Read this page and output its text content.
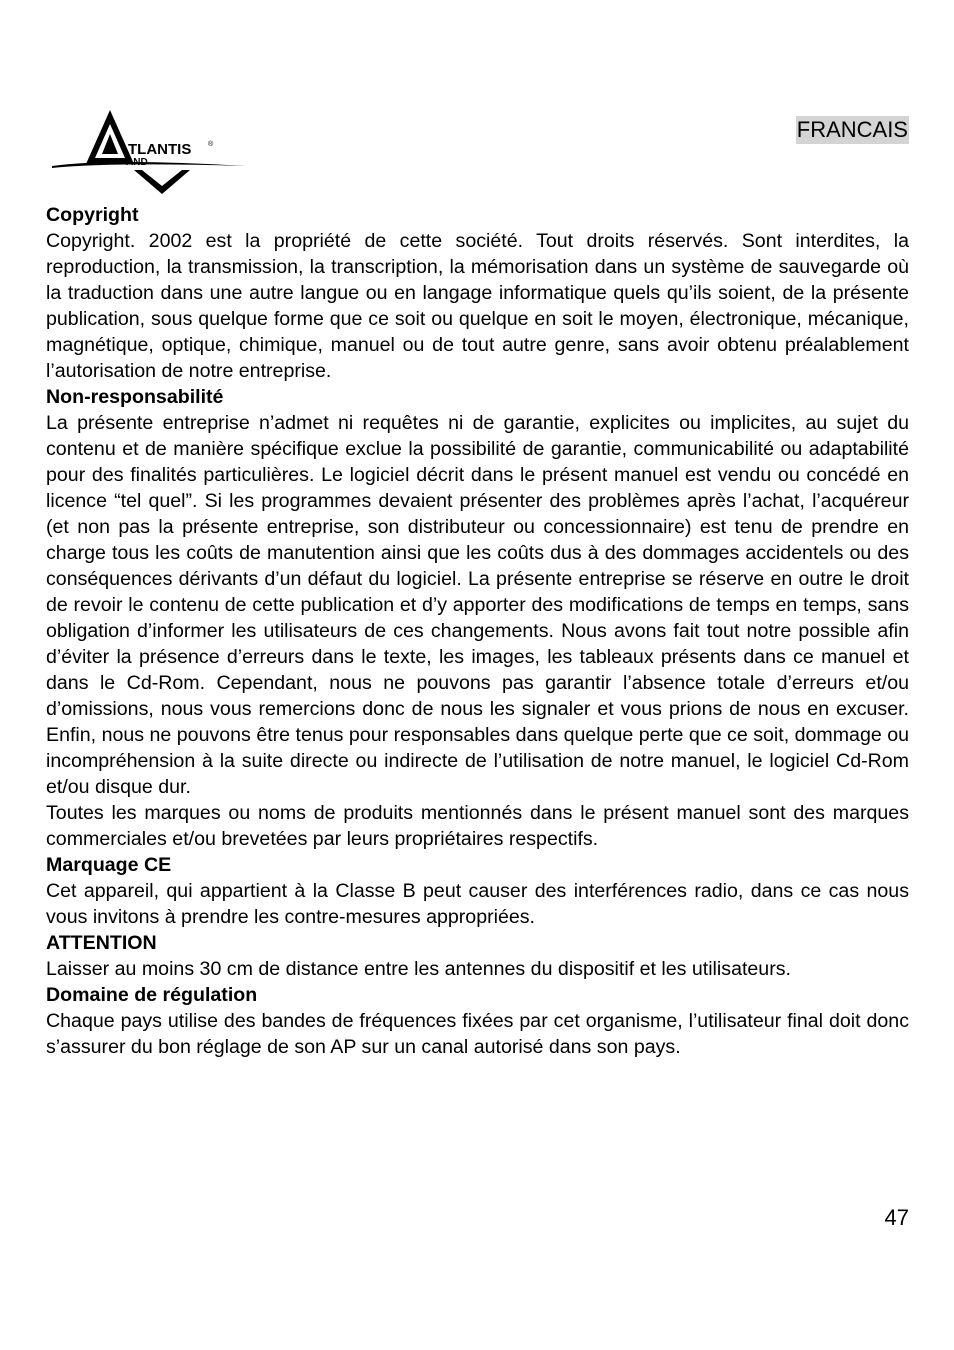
TLANTIS ®
AND
FRANCAIS
Copyright

Copyright. 2002 est la propriété de cette société. Tout droits réservés. Sont interdites, la reproduction, la transmission, la transcription, la mémorisation dans un système de sauvegarde où la traduction dans une autre langue ou en langage informatique quels qu’ils soient, de la présente publication, sous quelque forme que ce soit ou quelque en soit le moyen, électronique, mécanique, magnétique, optique, chimique, manuel ou de tout autre genre, sans avoir obtenu préalablement l’autorisation de notre entreprise.

Non-responsabilité

La présente entreprise n’admet ni requêtes ni de garantie, explicites ou implicites, au sujet du contenu et de manière spécifique exclue la possibilité de garantie, communicabilité ou adaptabilité pour des finalités particulières. Le logiciel décrit dans le présent manuel est vendu ou concédé en licence “tel quel”. Si les programmes devaient présenter des problèmes après l’achat, l’acquéreur (et non pas la présente entreprise, son distributeur ou concessionnaire) est tenu de prendre en charge tous les coûts de manutention ainsi que les coûts dus à des dommages accidentels ou des conséquences dérivants d’un défaut du logiciel. La présente entreprise se réserve en outre le droit de revoir le contenu de cette publication et d’y apporter des modifications de temps en temps, sans obligation d’informer les utilisateurs de ces changements. Nous avons fait tout notre possible afin d’éviter la présence d’erreurs dans le texte, les images, les tableaux présents dans ce manuel et dans le Cd-Rom. Cependant, nous ne pouvons pas garantir l’absence totale d’erreurs et/ou d’omissions, nous vous remercions donc de nous les signaler et vous prions de nous en excuser. Enfin, nous ne pouvons être tenus pour responsables dans quelque perte que ce soit, dommage ou incompréhension à la suite directe ou indirecte de l’utilisation de notre manuel, le logiciel Cd-Rom et/ou disque dur.

Toutes les marques ou noms de produits mentionnés dans le présent manuel sont des marques commerciales et/ou brevetées par leurs propriétaires respectifs.

Marquage CE

Cet appareil, qui appartient à la Classe B peut causer des interférences radio, dans ce cas nous vous invitons à prendre les contre-mesures appropriées.

ATTENTION

Laisser au moins 30 cm de distance entre les antennes du dispositif et les utilisateurs.

Domaine de régulation

Chaque pays utilise des bandes de fréquences fixées par cet organisme, l’utilisateur final doit donc s’assurer du bon réglage de son AP sur un canal autorisé dans son pays.

47
